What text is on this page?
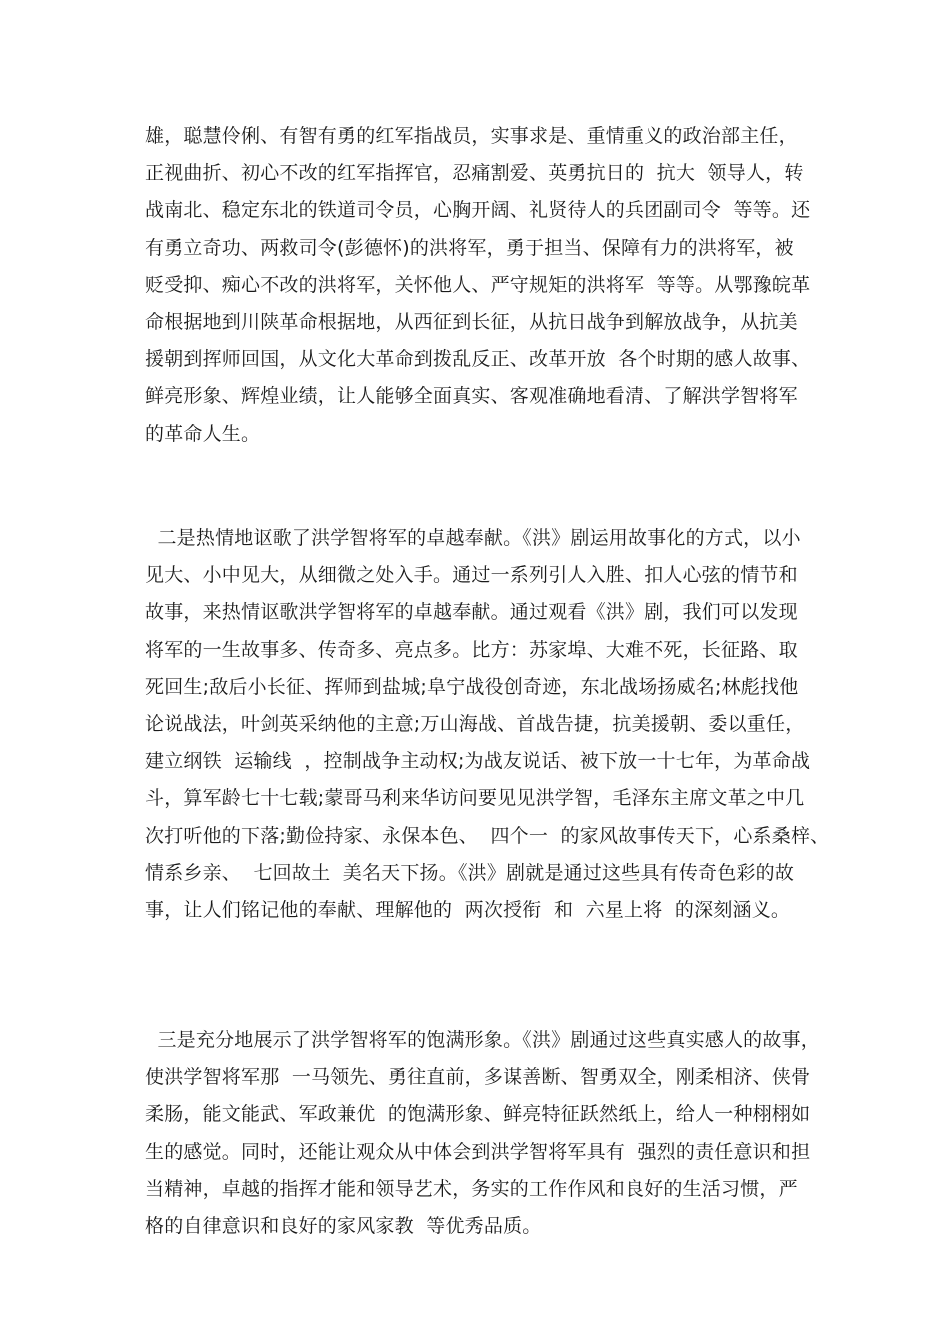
雄，聪慧伶俐、有智有勇的红军指战员，实事求是、重情重义的政治部主任，
正视曲折、初心不改的红军指挥官，忍痛割爱、英勇抗日的  抗大  领导人，转
战南北、稳定东北的铁道司令员，心胸开阔、礼贤待人的兵团副司令  等等。还
有勇立奇功、两救司令(彭德怀)的洪将军，勇于担当、保障有力的洪将军，被
贬受抑、痴心不改的洪将军，关怀他人、严守规矩的洪将军  等等。从鄂豫皖革
命根据地到川陕革命根据地，从西征到长征，从抗日战争到解放战争，从抗美
援朝到挥师回国，从文化大革命到拨乱反正、改革开放  各个时期的感人故事、
鲜亮形象、辉煌业绩，让人能够全面真实、客观准确地看清、了解洪学智将军
的革命人生。
二是热情地讴歌了洪学智将军的卓越奉献。《洪》剧运用故事化的方式，以小
见大、小中见大，从细微之处入手。通过一系列引人入胜、扣人心弦的情节和
故事，来热情讴歌洪学智将军的卓越奉献。通过观看《洪》剧，我们可以发现
将军的一生故事多、传奇多、亮点多。比方：苏家埠、大难不死，长征路、取
死回生;敌后小长征、挥师到盐城;阜宁战役创奇迹，东北战场扬威名;林彪找他
论说战法，叶剑英采纳他的主意;万山海战、首战告捷，抗美援朝、委以重任，
建立纲铁  运输线  ，控制战争主动权;为战友说话、被下放一十七年，为革命战
斗，算军龄七十七载;蒙哥马利来华访问要见见洪学智，毛泽东主席文革之中几
次打听他的下落;勤俭持家、永保本色、  四个一  的家风故事传天下，心系桑梓、
情系乡亲、  七回故土  美名天下扬。《洪》剧就是通过这些具有传奇色彩的故
事，让人们铭记他的奉献、理解他的  两次授衔  和  六星上将  的深刻涵义。
三是充分地展示了洪学智将军的饱满形象。《洪》剧通过这些真实感人的故事，
使洪学智将军那  一马领先、勇往直前，多谋善断、智勇双全，刚柔相济、侠骨
柔肠，能文能武、军政兼优  的饱满形象、鲜亮特征跃然纸上，给人一种栩栩如
生的感觉。同时，还能让观众从中体会到洪学智将军具有  强烈的责任意识和担
当精神，卓越的指挥才能和领导艺术，务实的工作作风和良好的生活习惯，严
格的自律意识和良好的家风家教  等优秀品质。
